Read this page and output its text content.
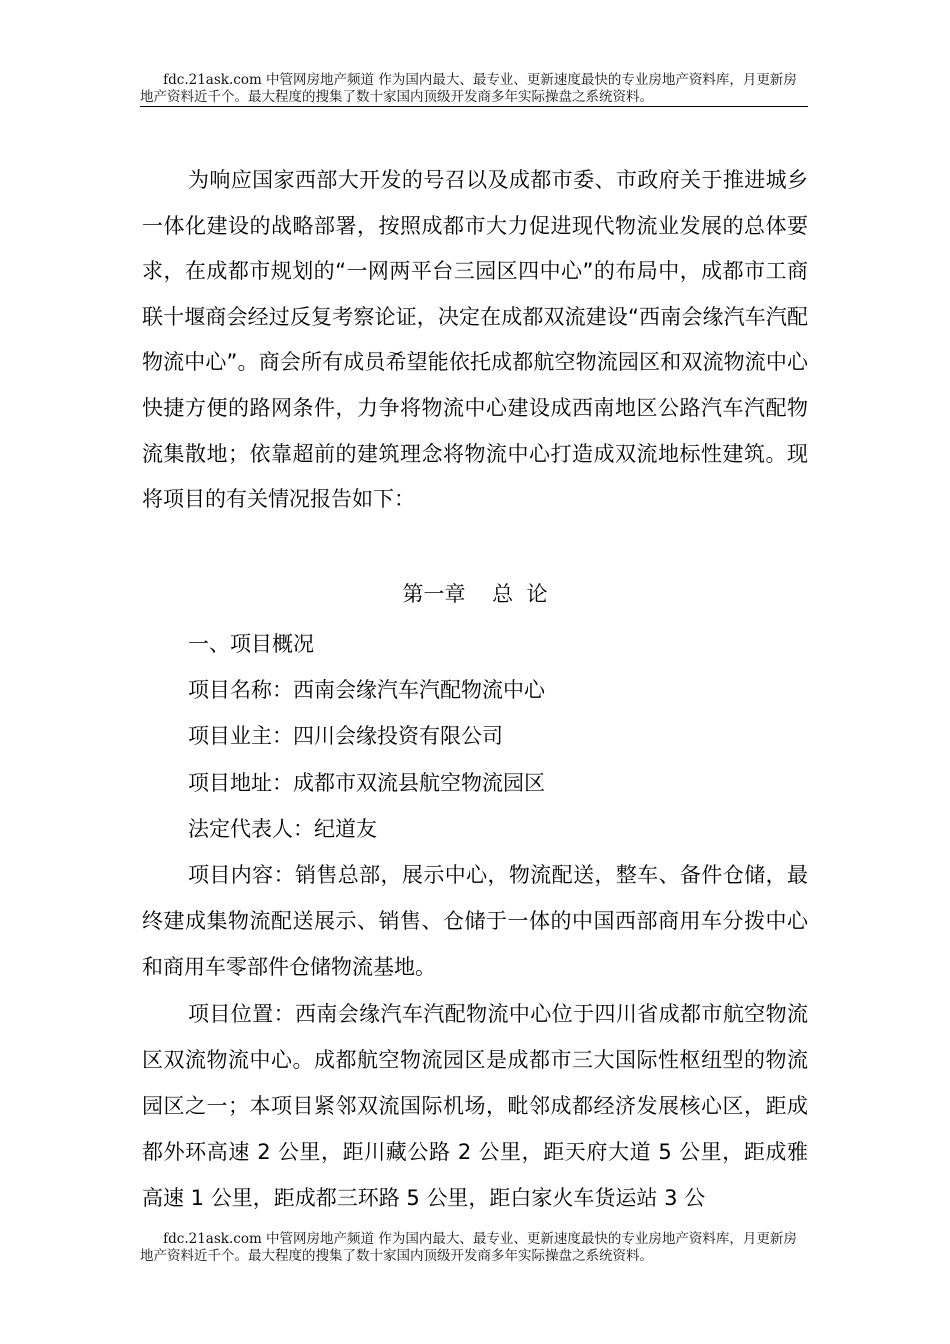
fdc.21ask.com 中管网房地产频道 作为国内最大、最专业、更新速度最快的专业房地产资料库，月更新房
地产资料近千个。最大程度的搜集了数十家国内顶级开发商多年实际操盘之系统资料。

为响应国家西部大开发的号召以及成都市委、市政府关于推进城乡一体化建设的战略部署，按照成都市大力促进现代物流业发展的总体要求，在成都市规划的“一网两平台三园区四中心”的布局中，成都市工商联十堰商会经过反复考察论证，决定在成都双流建设“西南会缘汽车汽配物流中心”。商会所有成员希望能依托成都航空物流园区和双流物流中心快捷方便的路网条件，力争将物流中心建设成西南地区公路汽车汽配物流集散地；依靠超前的建筑理念将物流中心打造成双流地标性建筑。现将项目的有关情况报告如下：

第一章 总  论

一、项目概况

项目名称：西南会缘汽车汽配物流中心

项目业主：四川会缘投资有限公司

项目地址：成都市双流县航空物流园区

法定代表人：纪道友

项目内容：销售总部，展示中心，物流配送，整车、备件仓储，最终建成集物流配送展示、销售、仓储于一体的中国西部商用车分拨中心和商用车零部件仓储物流基地。

项目位置：西南会缘汽车汽配物流中心位于四川省成都市航空物流区双流物流中心。成都航空物流园区是成都市三大国际性枢纽型的物流园区之一；本项目紧邻双流国际机场，毗邻成都经济发展核心区，距成都外环高速 2 公里，距川藏公路 2 公里，距天府大道 5 公里，距成雅高速 1 公里，距成都三环路 5 公里，距白家火车货运站 3 公

fdc.21ask.com 中管网房地产频道 作为国内最大、最专业、更新速度最快的专业房地产资料库，月更新房
地产资料近千个。最大程度的搜集了数十家国内顶级开发商多年实际操盘之系统资料。
